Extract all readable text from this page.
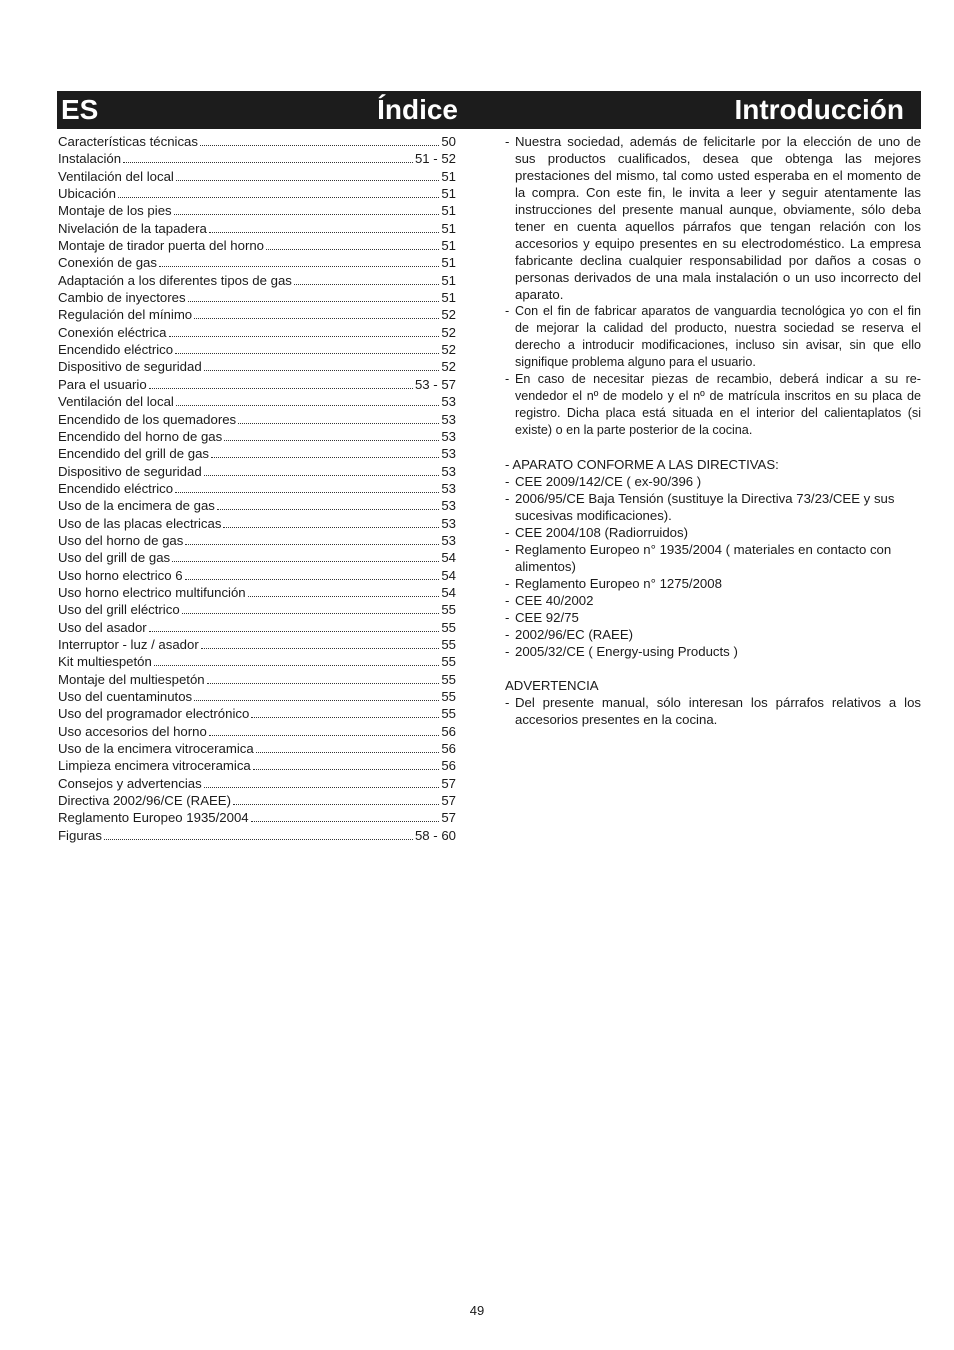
ES	Índice	Introducción
Características técnicas	50
Instalación	51 - 52
Ventilación del local	51
Ubicación	51
Montaje de los pies	51
Nivelación de la tapadera	51
Montaje de tirador puerta del horno	51
Conexión de gas	51
Adaptación a los diferentes tipos de gas	51
Cambio de inyectores	51
Regulación del mínimo	52
Conexión eléctrica	52
Encendido eléctrico	52
Dispositivo de seguridad	52
Para el usuario	53 - 57
Ventilación del local	53
Encendido de los quemadores	53
Encendido del horno de gas	53
Encendido del grill de gas	53
Dispositivo de seguridad	53
Encendido eléctrico	53
Uso de la encimera de gas	53
Uso de las placas electricas	53
Uso del horno de gas	53
Uso del grill de gas	54
Uso horno electrico 6	54
Uso horno electrico multifunción	54
Uso del grill eléctrico	55
Uso del asador	55
Interruptor - luz / asador	55
Kit multiespetón	55
Montaje del multiespetón	55
Uso del cuentaminutos	55
Uso del programador electrónico	55
Uso accesorios del horno	56
Uso de la encimera vitroceramica	56
Limpieza encimera vitroceramica	56
Consejos y advertencias	57
Directiva 2002/96/CE (RAEE)	57
Reglamento Europeo 1935/2004	57
Figuras	58 - 60
- Nuestra sociedad, además de felicitarle por la elección de uno de sus productos cualificados, desea que obtenga las mejores prestaciones del mismo, tal como usted esperaba en el momento de la compra. Con este fin, le invita a leer y seguir atentamente las instrucciones del presente manual aunque, obviamente, sólo deba tener en cuenta aquellos párrafos que tengan relación con los accesorios y equipo presentes en su electrodoméstico. La empresa fabricante declina cualquier responsabilidad por daños a cosas o personas derivados de una mala instalación o un uso incorrecto del aparato.
- Con el fin de fabricar aparatos de vanguardia tecnológica yo con el fin de mejorar la calidad del producto, nuestra sociedad se reserva el derecho a introducir modificaciones, incluso sin avisar, sin que ello signifique problema alguno para el usuario.
- En caso de necesitar piezas de recambio, deberá indicar a su re-vendedor el nº de modelo y el nº de matrícula inscritos en su placa de registro. Dicha placa está situada en el interior del calientaplatos (si existe) o en la parte posterior de la cocina.

- APARATO CONFORME A LAS DIRECTIVAS:

- CEE 2009/142/CE ( ex-90/396 )
- 2006/95/CE Baja Tensión (sustituye la Directiva 73/23/CEE y sus sucesivas modificaciones).
- CEE 2004/108 (Radiorruidos)
- Reglamento Europeo n° 1935/2004 ( materiales en contacto con alimentos)
- Reglamento Europeo n° 1275/2008
- CEE 40/2002
- CEE 92/75
- 2002/96/EC (RAEE)
- 2005/32/CE ( Energy-using Products )

ADVERTENCIA

- Del presente manual, sólo interesan los párrafos relativos a los accesorios presentes en la cocina.
49
